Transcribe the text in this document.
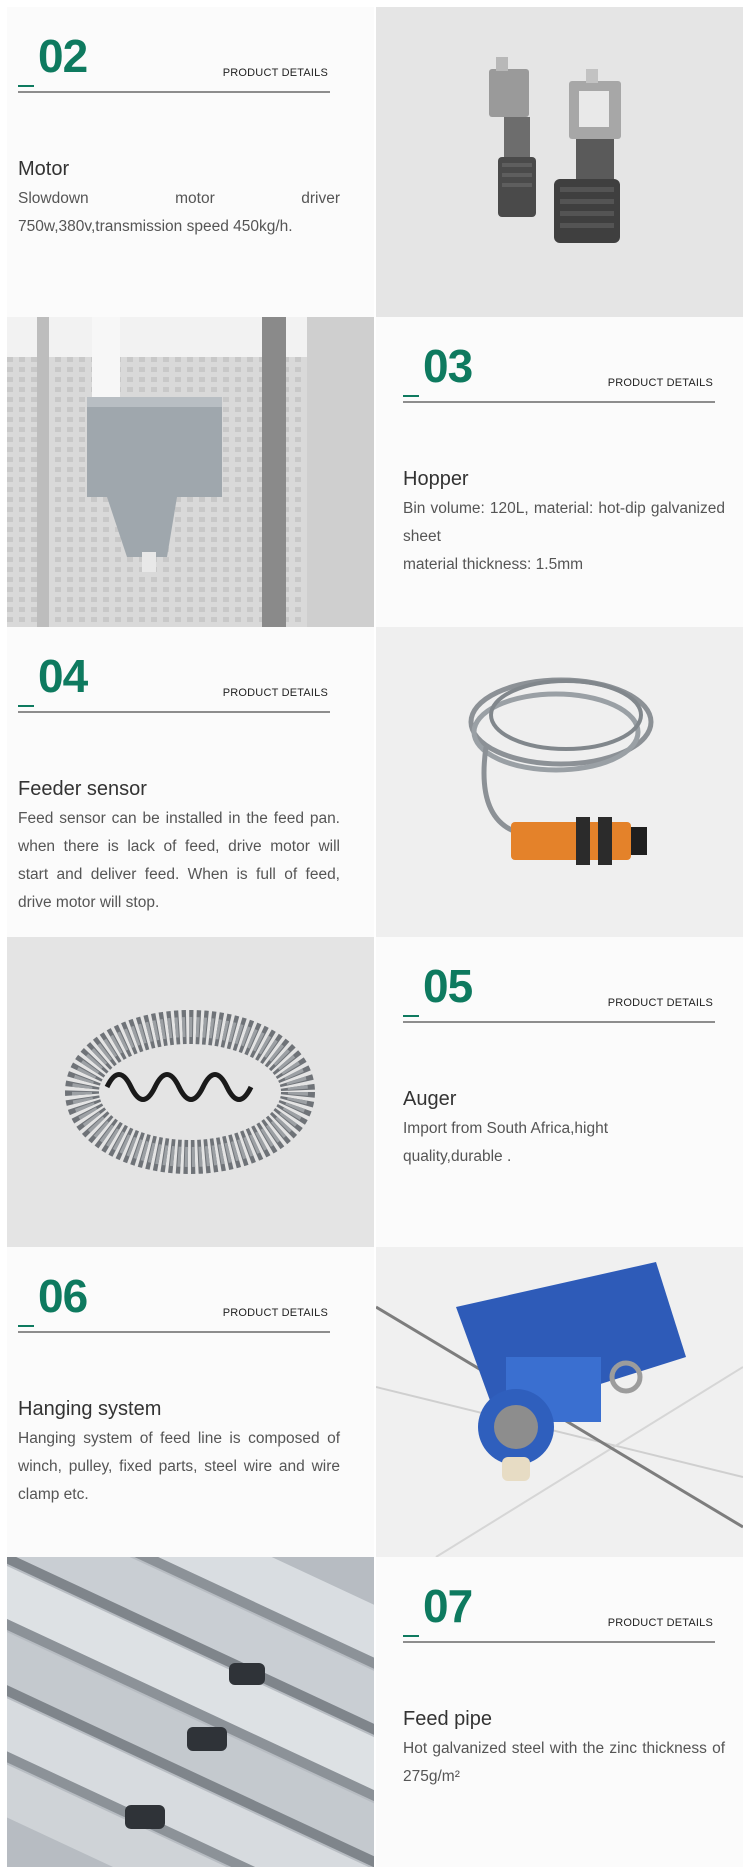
02	PRODUCT DETAILS
Motor
Slowdown motor driver 750w,380v,transmission speed 450kg/h.
03	PRODUCT DETAILS
Hopper
Bin volume: 120L, material: hot-dip galvanized sheet
material thickness: 1.5mm
04	PRODUCT DETAILS
Feeder sensor
Feed sensor can be installed in the feed pan. when there is lack of feed, drive motor will start and deliver feed. When is full of feed, drive motor will stop.
05	PRODUCT DETAILS
Auger
Import from South Africa,hight quality,durable .
06	PRODUCT DETAILS
Hanging system
Hanging system of feed line is composed of winch, pulley, fixed parts, steel wire and wire clamp etc.
07	PRODUCT DETAILS
Feed pipe
Hot galvanized steel with the zinc thickness of 275g/m²
